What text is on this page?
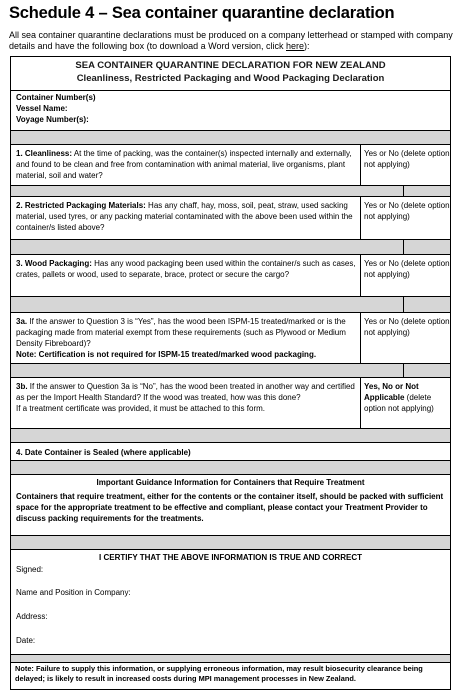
Schedule 4 – Sea container quarantine declaration
All sea container quarantine declarations must be produced on a company letterhead or stamped with company details and have the following box (to download a Word version, click here):
SEA CONTAINER QUARANTINE DECLARATION FOR NEW ZEALAND
Cleanliness, Restricted Packaging and Wood Packaging Declaration
Container Number(s)
Vessel Name:
Voyage Number(s):
1. Cleanliness: At the time of packing, was the container(s) inspected internally and externally, and found to be clean and free from contamination with animal material, live organisms, plant material, soil and water?
Yes or No (delete option not applying)
2. Restricted Packaging Materials: Has any chaff, hay, moss, soil, peat, straw, used sacking material, used tyres, or any packing material contaminated with the above been used within the container/s listed above?
Yes or No (delete option not applying)
3. Wood Packaging: Has any wood packaging been used within the container/s such as cases, crates, pallets or wood, used to separate, brace, protect or secure the cargo?
Yes or No (delete option not applying)
3a. If the answer to Question 3 is “Yes”, has the wood been ISPM-15 treated/marked or is the packaging made from material exempt from these requirements (such as Plywood or Medium Density Fibreboard)?
Note: Certification is not required for ISPM-15 treated/marked wood packaging.
Yes or No (delete option not applying)
3b. If the answer to Question 3a is “No”, has the wood been treated in another way and certified as per the Import Health Standard? If the wood was treated, how was this done?
If a treatment certificate was provided, it must be attached to this form.
Yes, No or Not Applicable (delete option not applying)
4. Date Container is Sealed (where applicable)
Important Guidance Information for Containers that Require Treatment
Containers that require treatment, either for the contents or the container itself, should be packed with sufficient space for the appropriate treatment to be effective and compliant, please contact your Treatment Provider to discuss packing requirements for the treatments.
I CERTIFY THAT THE ABOVE INFORMATION IS TRUE AND CORRECT
Signed:
Name and Position in Company:
Address:
Date:
Note: Failure to supply this information, or supplying erroneous information, may result biosecurity clearance being delayed; is likely to result in increased costs during MPI management processes in New Zealand.
